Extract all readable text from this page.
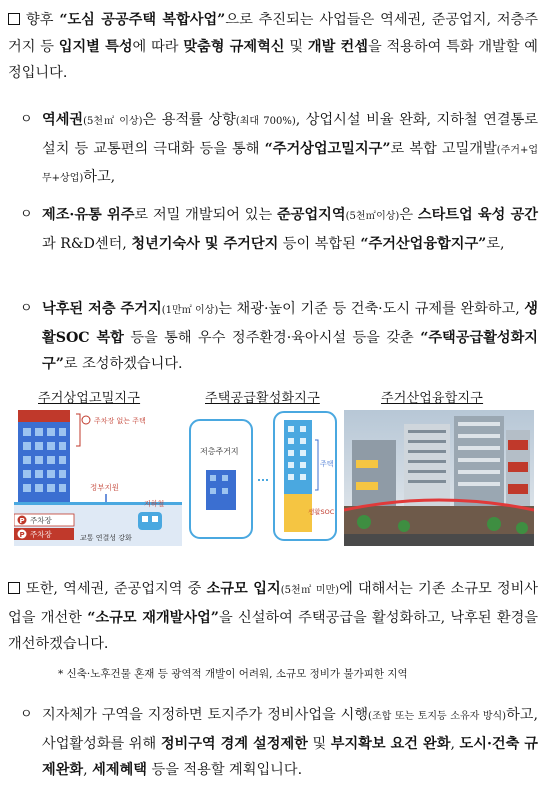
향후 “도심 공공주택 복합사업”으로 추진되는 사업들은 역세권, 준공업지, 저층주거지 등 입지별 특성에 따라 맞춤형 규제혁신 및 개발 컨셉을 적용하여 특화 개발할 예정입니다.
ㅇ 역세권(5천㎡ 이상)은 용적률 상향(최대 700%), 상업시설 비율 완화, 지하철 연결통로 설치 등 교통편의 극대화 등을 통해 “주거상업고밀지구”로 복합 고밀개발(주거+업무+상업)하고,
ㅇ 제조·유통 위주로 저밀 개발되어 있는 준공업지역(5천㎡이상)은 스타트업 육성 공간과 R&D센터, 청년기숙사 및 주거단지 등이 복합된 “주거산업융합지구”로,
ㅇ 낙후된 저층 주거지(1만㎡ 이상)는 채광·높이 기준 등 건축·도시 규제를 완화하고, 생활SOC 복합 등을 통해 우수 정주환경·육아시설 등을 갖춘 “주택공급활성화지구”로 조성하겠습니다.
주거상업고밀지구	주택공급활성화지구	주거산업융합지구
주차장 없는 주택
정부지원
지하철
P 주차장
P 주차장	교통 연결성 강화
저층주거지
주택
생활SOC
또한, 역세권, 준공업지역 중 소규모 입지(5천㎡ 미만)에 대해서는 기존 소규모 정비사업을 개선한 “소규모 재개발사업”을 신설하여 주택공급을 활성화하고, 낙후된 환경을 개선하겠습니다.
* 신축·노후건물 혼재 등 광역적 개발이 어려워, 소규모 정비가 불가피한 지역
ㅇ 지자체가 구역을 지정하면 토지주가 정비사업을 시행(조합 또는 토지등 소유자 방식)하고, 사업활성화를 위해 정비구역 경계 설정제한 및 부지확보 요건 완화, 도시·건축 규제완화, 세제혜택 등을 적용할 계획입니다.
